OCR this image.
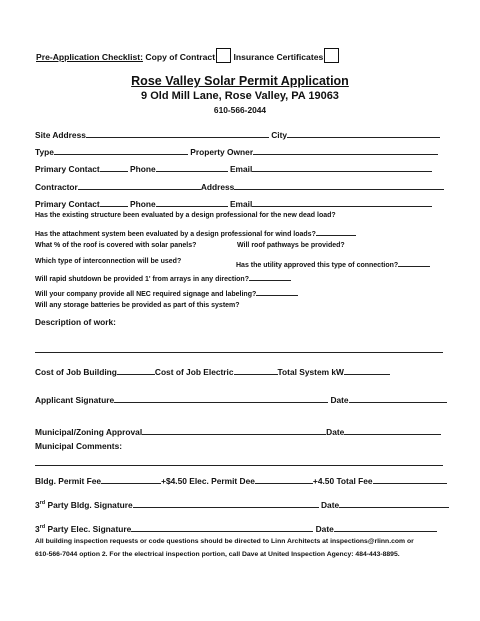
Pre-Application Checklist: Copy of Contract Insurance Certificates
Rose Valley Solar Permit Application
9 Old Mill Lane, Rose Valley, PA 19063
610-566-2044
Site Address	City
Type	Property Owner
Primary Contact	Phone	Email
Contractor	Address
Primary Contact	Phone	Email
Has the existing structure been evaluated by a design professional for the new dead load?
Has the attachment system been evaluated by a design professional for wind loads?
What % of the roof is covered with solar panels?	Will roof pathways be provided?
Which type of interconnection will be used?
Has the utility approved this type of connection?
Will rapid shutdown be provided 1' from arrays in any direction?
Will your company provide all NEC required signage and labeling?
Will any storage batteries be provided as part of this system?
Description of work:
Cost of Job Building	Cost of Job Electric	Total System kW
Applicant Signature	Date
Municipal/Zoning Approval	Date
Municipal Comments:
Bldg. Permit Fee	+$4.50 Elec. Permit Dee	+4.50 Total Fee
3rd Party Bldg. Signature	Date
3rd Party Elec. Signature	Date
All building inspection requests or code questions should be directed to Linn Architects at inspections@rlinn.com or
610-566-7044 option 2. For the electrical inspection portion, call Dave at United Inspection Agency: 484-443-8895.
